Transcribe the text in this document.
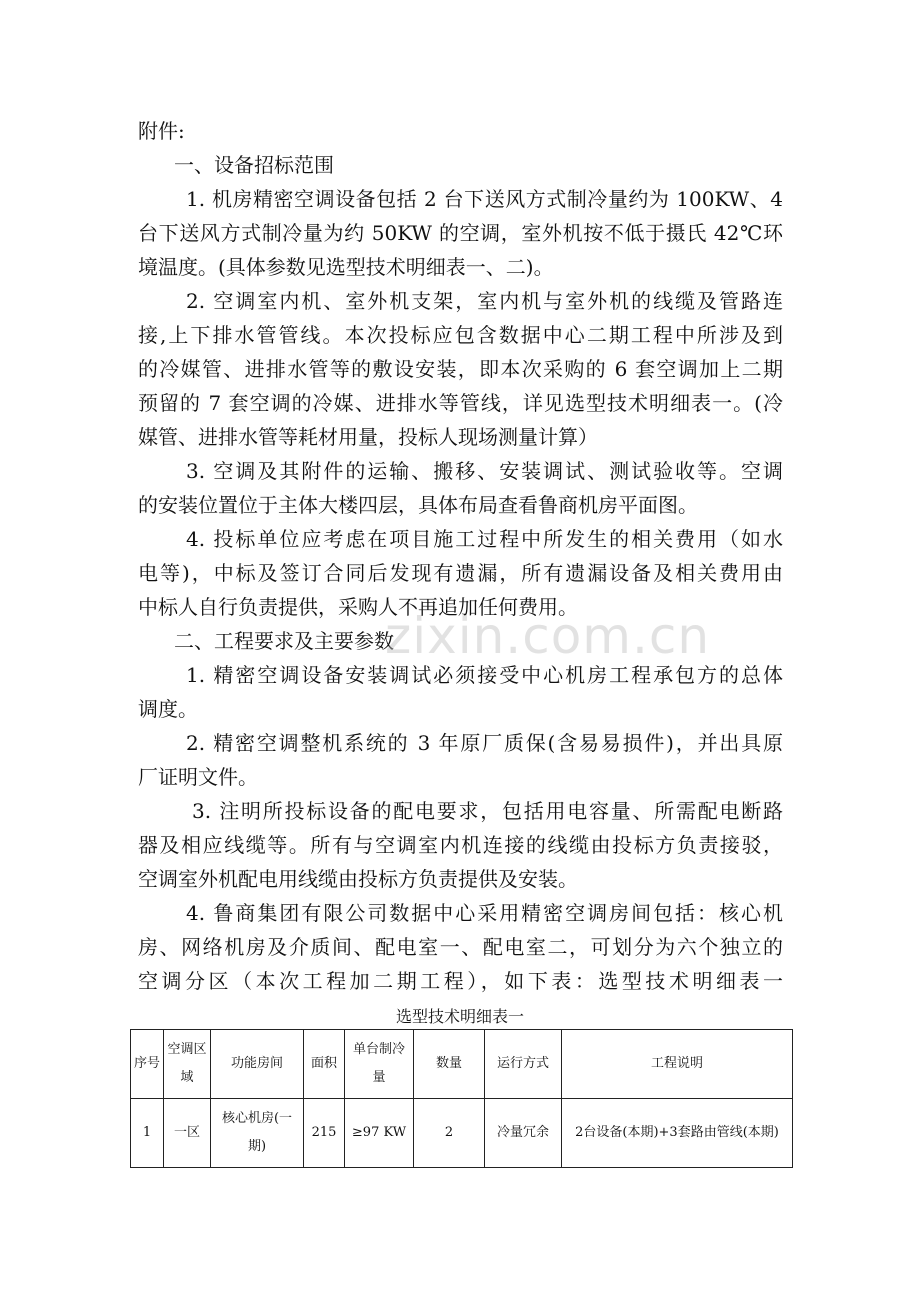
附件:
一、设备招标范围
1. 机房精密空调设备包括 2 台下送风方式制冷量约为 100KW、4
台下送风方式制冷量为约 50KW 的空调，室外机按不低于摄氏 42℃环
境温度。(具体参数见选型技术明细表一、二)。
2. 空调室内机、室外机支架，室内机与室外机的线缆及管路连
接,上下排水管管线。本次投标应包含数据中心二期工程中所涉及到
的冷媒管、进排水管等的敷设安装，即本次采购的 6 套空调加上二期
预留的 7 套空调的冷媒、进排水等管线，详见选型技术明细表一。(冷
媒管、进排水管等耗材用量，投标人现场测量计算）
3. 空调及其附件的运输、搬移、安装调试、测试验收等。空调
的安装位置位于主体大楼四层，具体布局查看鲁商机房平面图。
4. 投标单位应考虑在项目施工过程中所发生的相关费用（如水
电等)，中标及签订合同后发现有遗漏，所有遗漏设备及相关费用由
中标人自行负责提供，采购人不再追加任何费用。
二、工程要求及主要参数
1. 精密空调设备安装调试必须接受中心机房工程承包方的总体
调度。
2. 精密空调整机系统的 3 年原厂质保(含易易损件)，并出具原
厂证明文件。
3. 注明所投标设备的配电要求，包括用电容量、所需配电断路
器及相应线缆等。所有与空调室内机连接的线缆由投标方负责接驳，
空调室外机配电用线缆由投标方负责提供及安装。
4. 鲁商集团有限公司数据中心采用精密空调房间包括：核心机
房、网络机房及介质间、配电室一、配电室二，可划分为六个独立的
空调分区（本次工程加二期工程），如下表：选型技术明细表一
zixin.com.cn
选型技术明细表一
序号	空调区域	功能房间	面积	单台制冷量	数量	运行方式	工程说明
1	一区	核心机房(一期)	215	≥97 KW	2	冷量冗余	2台设备(本期)+3套路由管线(本期)
